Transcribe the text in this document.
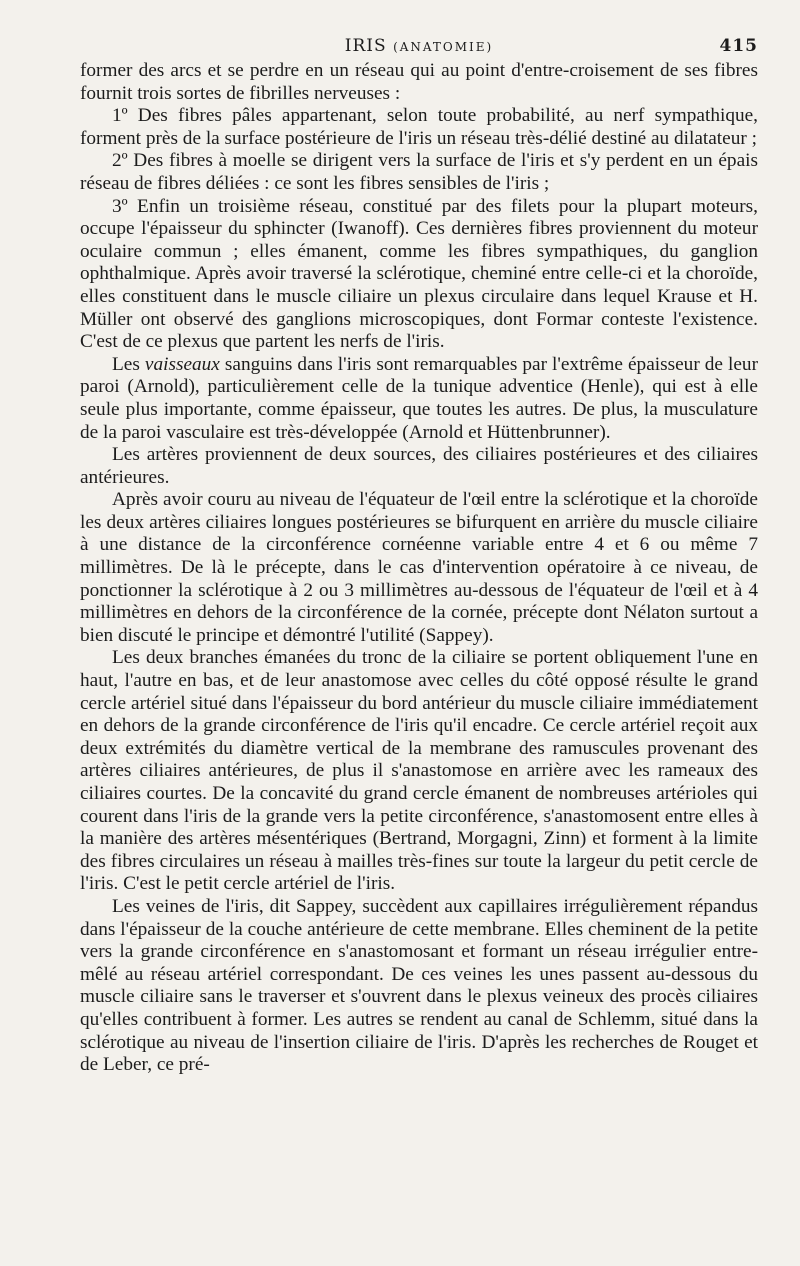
IRIS (ANATOMIE)	415

former des arcs et se perdre en un réseau qui au point d'entre-croisement de ses fibres fournit trois sortes de fibrilles nerveuses :

1º Des fibres pâles appartenant, selon toute probabilité, au nerf sympathique, forment près de la surface postérieure de l'iris un réseau très-délié destiné au dilatateur ;

2º Des fibres à moelle se dirigent vers la surface de l'iris et s'y perdent en un épais réseau de fibres déliées : ce sont les fibres sensibles de l'iris ;

3º Enfin un troisième réseau, constitué par des filets pour la plupart moteurs, occupe l'épaisseur du sphincter (Iwanoff). Ces dernières fibres proviennent du moteur oculaire commun ; elles émanent, comme les fibres sympathiques, du ganglion ophthalmique. Après avoir traversé la sclérotique, cheminé entre celle-ci et la choroïde, elles constituent dans le muscle ciliaire un plexus circulaire dans lequel Krause et H. Müller ont observé des ganglions microscopiques, dont Formar conteste l'existence. C'est de ce plexus que partent les nerfs de l'iris.

Les vaisseaux sanguins dans l'iris sont remarquables par l'extrême épaisseur de leur paroi (Arnold), particulièrement celle de la tunique adventice (Henle), qui est à elle seule plus importante, comme épaisseur, que toutes les autres. De plus, la musculature de la paroi vasculaire est très-développée (Arnold et Hüttenbrunner).

Les artères proviennent de deux sources, des ciliaires postérieures et des ciliaires antérieures.

Après avoir couru au niveau de l'équateur de l'œil entre la sclérotique et la choroïde les deux artères ciliaires longues postérieures se bifurquent en arrière du muscle ciliaire à une distance de la circonférence cornéenne variable entre 4 et 6 ou même 7 millimètres. De là le précepte, dans le cas d'intervention opératoire à ce niveau, de ponctionner la sclérotique à 2 ou 3 millimètres au-dessous de l'équateur de l'œil et à 4 millimètres en dehors de la circonférence de la cornée, précepte dont Nélaton surtout a bien discuté le principe et démontré l'utilité (Sappey).

Les deux branches émanées du tronc de la ciliaire se portent obliquement l'une en haut, l'autre en bas, et de leur anastomose avec celles du côté opposé résulte le grand cercle artériel situé dans l'épaisseur du bord antérieur du muscle ciliaire immédiatement en dehors de la grande circonférence de l'iris qu'il encadre. Ce cercle artériel reçoit aux deux extrémités du diamètre vertical de la membrane des ramuscules provenant des artères ciliaires antérieures, de plus il s'anastomose en arrière avec les rameaux des ciliaires courtes. De la concavité du grand cercle émanent de nombreuses artérioles qui courent dans l'iris de la grande vers la petite circonférence, s'anastomosent entre elles à la manière des artères mésentériques (Bertrand, Morgagni, Zinn) et forment à la limite des fibres circulaires un réseau à mailles très-fines sur toute la largeur du petit cercle de l'iris. C'est le petit cercle artériel de l'iris.

Les veines de l'iris, dit Sappey, succèdent aux capillaires irrégulièrement répandus dans l'épaisseur de la couche antérieure de cette membrane. Elles cheminent de la petite vers la grande circonférence en s'anastomosant et formant un réseau irrégulier entre-mêlé au réseau artériel correspondant. De ces veines les unes passent au-dessous du muscle ciliaire sans le traverser et s'ouvrent dans le plexus veineux des procès ciliaires qu'elles contribuent à former. Les autres se rendent au canal de Schlemm, situé dans la sclérotique au niveau de l'insertion ciliaire de l'iris. D'après les recherches de Rouget et de Leber, ce pré-
